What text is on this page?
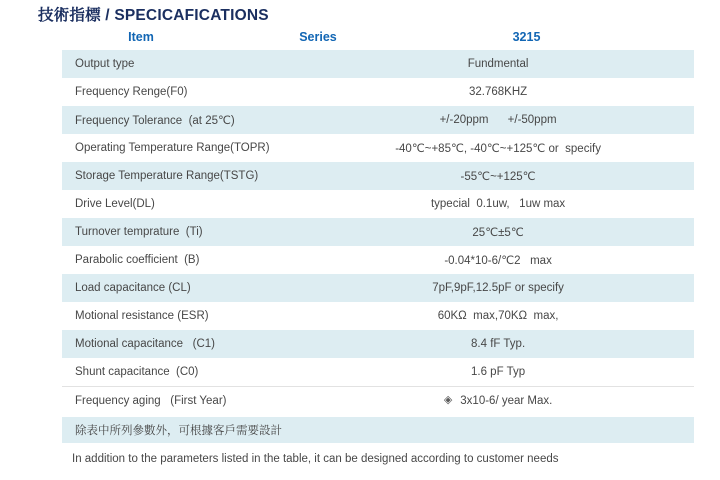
技術指標 / SPECICAFICATIONS
Item	Series	3215
Output type	Fundmental
Frequency Renge(F0)	32.768KHZ
Frequency Tolerance  (at 25℃)	+/-20ppm      +/-50ppm
Operating Temperature Range(TOPR)	-40℃~+85℃, -40℃~+125℃ or  specify
Storage Temperature Range(TSTG)	-55℃~+125℃
Drive Level(DL)	typecial  0.1uw,   1uw max
Turnover temprature  (Ti)	25℃±5℃
Parabolic coefficient  (B)	-0.04*10-6/℃2   max
Load capacitance (CL)	7pF,9pF,12.5pF or specify
Motional resistance (ESR)	60KΩ  max,70KΩ  max,
Motional capacitance   (C1)	8.4 fF Typ.
Shunt capacitance  (C0)	1.6 pF Typ
Frequency aging   (First Year)	◈ 3x10-6/ year Max.
除表中所列參數外，可根據客戶需要設計
In addition to the parameters listed in the table, it can be designed according to customer needs
